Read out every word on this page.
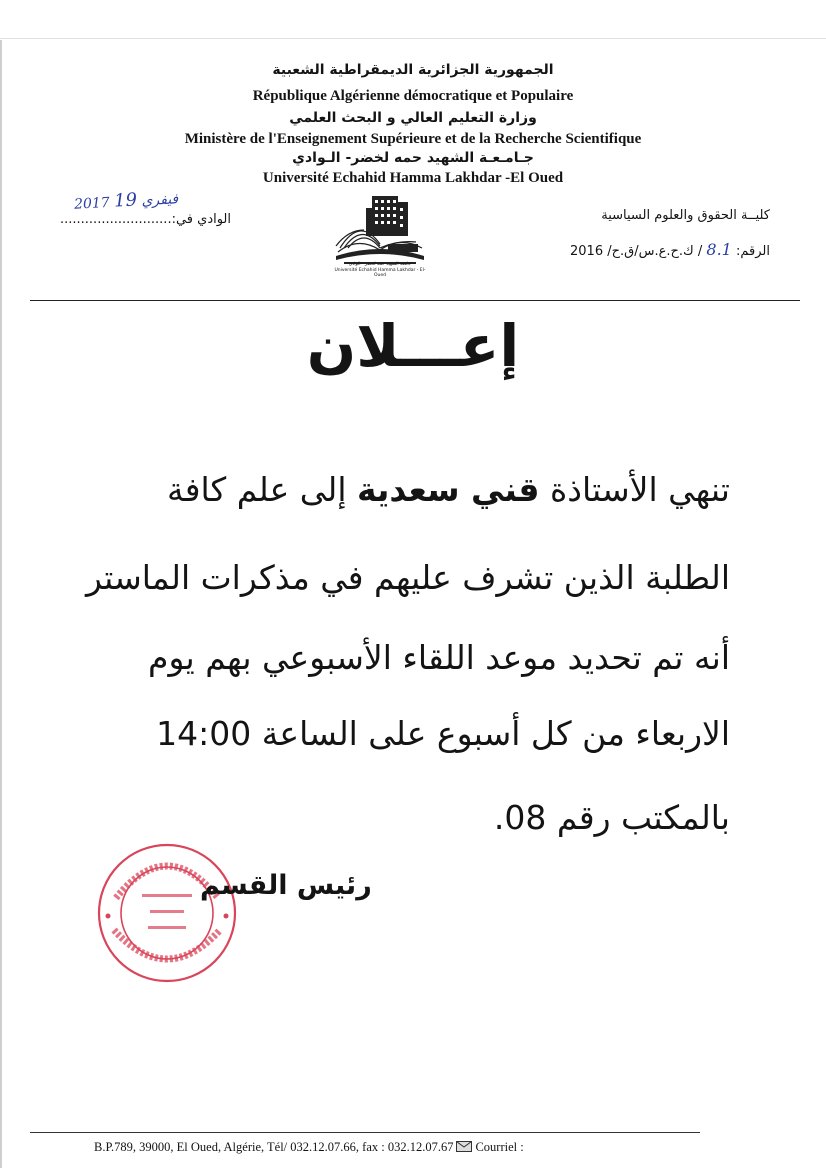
الجمهورية الجزائرية الديمقراطية الشعبية
République Algérienne démocratique et Populaire
وزارة التعليم العالي و البحث العلمي
Ministère de l'Enseignement Supérieure et de la Recherche Scientifique
جـامـعـة الشهيد حمه لخضر- الـوادي
Université Echahid Hamma Lakhdar -El Oued
كليــة الحقوق والعلوم السياسية
الرقم: 8.1 / ك.ح.ع.س/ق.ح/ 2016
2017 فيفري 19
الوادي في:...........................
جامعة الشهيد حمه لخضر - الوادي
Université Echahid Hamma Lakhdar - El-Oued
إعـــلان
تنهي الأستاذة قني سعدية إلى علم كافة
الطلبة الذين تشرف عليهم في مذكرات الماستر
أنه تم تحديد موعد اللقاء الأسبوعي بهم يوم
الاربعاء من كل أسبوع على الساعة 14:00
بالمكتب رقم 08.
رئيس القسم
B.P.789, 39000, El Oued, Algérie, Tél/ 032.12.07.66, fax : 032.12.07.67 Courriel :
